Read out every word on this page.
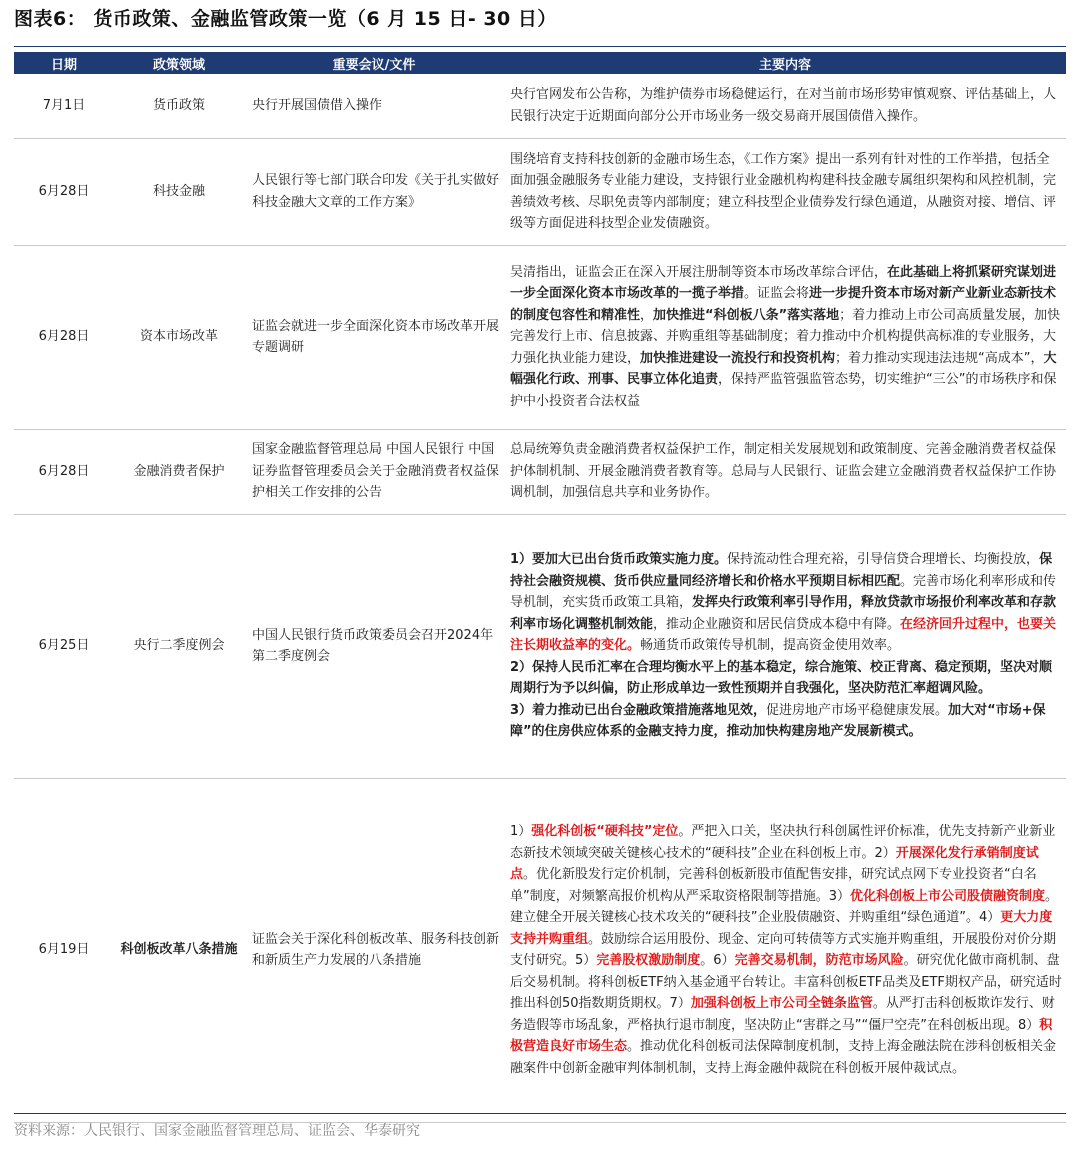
图表6： 货币政策、金融监管政策一览（6 月 15 日- 30 日）
日期	政策领域	重要会议/文件	主要内容
7月1日	货币政策	央行开展国债借入操作	央行官网发布公告称，为维护债券市场稳健运行，在对当前市场形势审慎观察、评估基础上，人民银行决定于近期面向部分公开市场业务一级交易商开展国债借入操作。
6月28日	科技金融	人民银行等七部门联合印发《关于扎实做好科技金融大文章的工作方案》	围绕培育支持科技创新的金融市场生态，《工作方案》提出一系列有针对性的工作举措，包括全面加强金融服务专业能力建设，支持银行业金融机构构建科技金融专属组织架构和风控机制，完善绩效考核、尽职免责等内部制度；建立科技型企业债券发行绿色通道，从融资对接、增信、评级等方面促进科技型企业发债融资。
6月28日	资本市场改革	证监会就进一步全面深化资本市场改革开展专题调研	吴清指出，证监会正在深入开展注册制等资本市场改革综合评估，在此基础上将抓紧研究谋划进一步全面深化资本市场改革的一揽子举措。证监会将进一步提升资本市场对新产业新业态新技术的制度包容性和精准性，加快推进“科创板八条”落实落地；着力推动上市公司高质量发展，加快完善发行上市、信息披露、并购重组等基础制度；着力推动中介机构提供高标准的专业服务，大力强化执业能力建设，加快推进建设一流投行和投资机构；着力推动实现违法违规“高成本”，大幅强化行政、刑事、民事立体化追责，保持严监管强监管态势，切实维护“三公”的市场秩序和保护中小投资者合法权益
6月28日	金融消费者保护	国家金融监督管理总局 中国人民银行 中国证券监督管理委员会关于金融消费者权益保护相关工作安排的公告	总局统筹负责金融消费者权益保护工作，制定相关发展规划和政策制度、完善金融消费者权益保护体制机制、开展金融消费者教育等。总局与人民银行、证监会建立金融消费者权益保护工作协调机制，加强信息共享和业务协作。
6月25日	央行二季度例会	中国人民银行货币政策委员会召开2024年第二季度例会	1）要加大已出台货币政策实施力度。保持流动性合理充裕，引导信贷合理增长、均衡投放，保持社会融资规模、货币供应量同经济增长和价格水平预期目标相匹配。完善市场化利率形成和传导机制，充实货币政策工具箱，发挥央行政策利率引导作用，释放贷款市场报价利率改革和存款利率市场化调整机制效能，推动企业融资和居民信贷成本稳中有降。在经济回升过程中，也要关注长期收益率的变化。畅通货币政策传导机制，提高资金使用效率。
2）保持人民币汇率在合理均衡水平上的基本稳定，综合施策、校正背离、稳定预期，坚决对顺周期行为予以纠偏，防止形成单边一致性预期并自我强化，坚决防范汇率超调风险。
3）着力推动已出台金融政策措施落地见效，促进房地产市场平稳健康发展。加大对“市场+保障”的住房供应体系的金融支持力度，推动加快构建房地产发展新模式。

6月19日	科创板改革八条措施	证监会关于深化科创板改革、服务科技创新和新质生产力发展的八条措施	1）强化科创板“硬科技”定位。严把入口关，坚决执行科创属性评价标准，优先支持新产业新业态新技术领域突破关键核心技术的“硬科技”企业在科创板上市。2）开展深化发行承销制度试点。优化新股发行定价机制，完善科创板新股市值配售安排，研究试点网下专业投资者“白名单”制度，对频繁高报价机构从严采取资格限制等措施。3）优化科创板上市公司股债融资制度。建立健全开展关键核心技术攻关的“硬科技”企业股债融资、并购重组“绿色通道”。4）更大力度支持并购重组。鼓励综合运用股份、现金、定向可转债等方式实施并购重组，开展股份对价分期支付研究。5）完善股权激励制度。6）完善交易机制，防范市场风险。研究优化做市商机制、盘后交易机制。将科创板ETF纳入基金通平台转让。丰富科创板ETF品类及ETF期权产品，研究适时推出科创50指数期货期权。7）加强科创板上市公司全链条监管。从严打击科创板欺诈发行、财务造假等市场乱象，严格执行退市制度，坚决防止“害群之马”“僵尸空壳”在科创板出现。8）积极营造良好市场生态。推动优化科创板司法保障制度机制，支持上海金融法院在涉科创板相关金融案件中创新金融审判体制机制，支持上海金融仲裁院在科创板开展仲裁试点。
资料来源：人民银行、国家金融监督管理总局、证监会、华泰研究
